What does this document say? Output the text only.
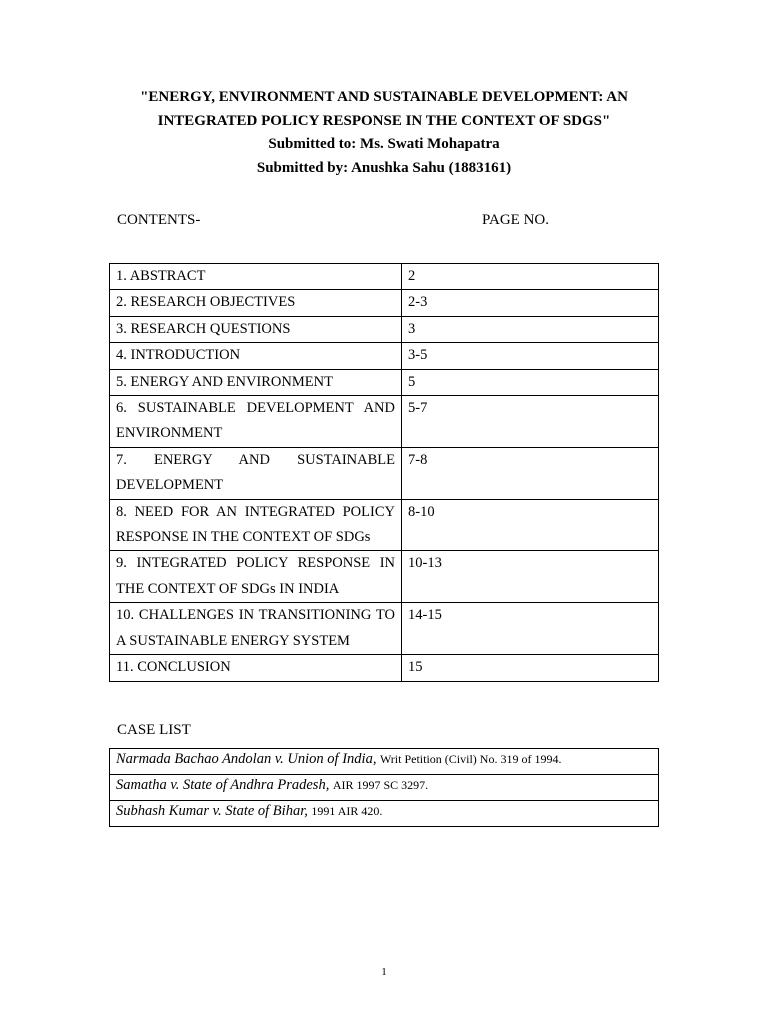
"ENERGY, ENVIRONMENT AND SUSTAINABLE DEVELOPMENT: AN
INTEGRATED POLICY RESPONSE IN THE CONTEXT OF SDGS"
Submitted to: Ms. Swati Mohapatra
Submitted by: Anushka Sahu (1883161)
CONTENTS-	PAGE NO.
1. ABSTRACT	2
2. RESEARCH OBJECTIVES	2-3
3. RESEARCH QUESTIONS	3
4. INTRODUCTION	3-5
5. ENERGY AND ENVIRONMENT	5
6. SUSTAINABLE DEVELOPMENT AND ENVIRONMENT	5-7
7. ENERGY AND SUSTAINABLE DEVELOPMENT	7-8
8. NEED FOR AN INTEGRATED POLICY RESPONSE IN THE CONTEXT OF SDGs	8-10
9. INTEGRATED POLICY RESPONSE IN THE CONTEXT OF SDGs IN INDIA	10-13
10. CHALLENGES IN TRANSITIONING TO A SUSTAINABLE ENERGY SYSTEM	14-15
11. CONCLUSION	15
CASE LIST
Narmada Bachao Andolan v. Union of India, Writ Petition (Civil) No. 319 of 1994.
Samatha v. State of Andhra Pradesh, AIR 1997 SC 3297.
Subhash Kumar v. State of Bihar, 1991 AIR 420.
1
